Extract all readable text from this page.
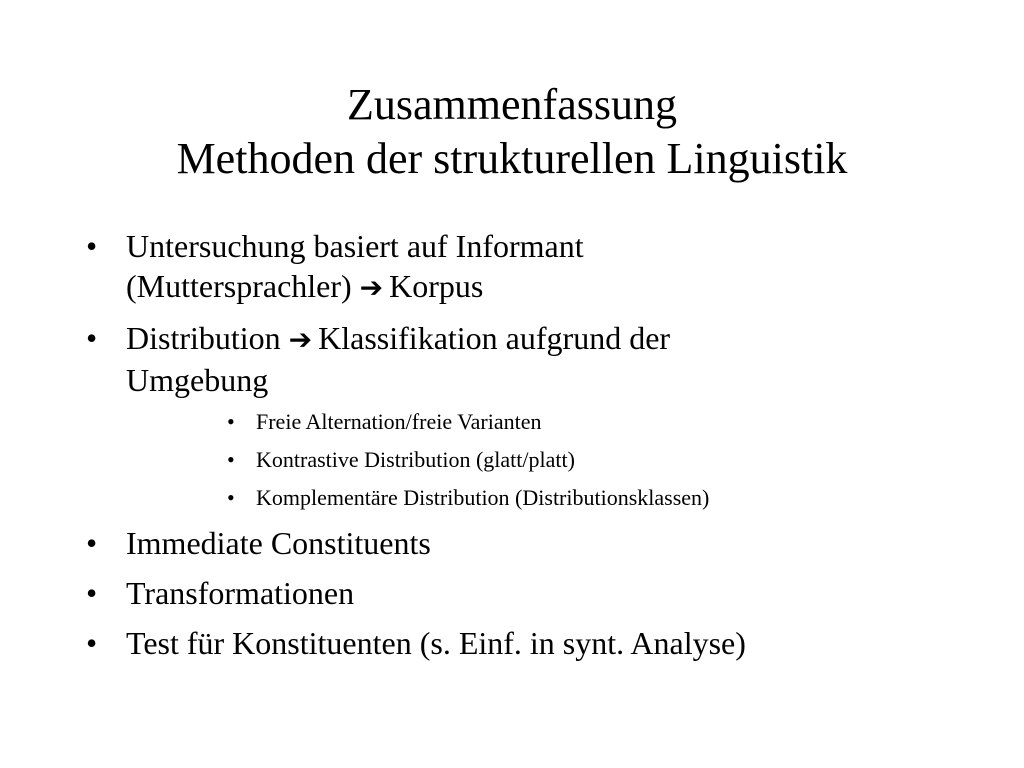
Zusammenfassung
Methoden der strukturellen Linguistik
• Untersuchung basiert auf Informant
(Muttersprachler) ➔ Korpus
• Distribution ➔ Klassifikation aufgrund der
Umgebung
• Freie Alternation/freie Varianten
• Kontrastive Distribution (glatt/platt)
• Komplementäre Distribution (Distributionsklassen)
• Immediate Constituents
• Transformationen
• Test für Konstituenten (s. Einf. in synt. Analyse)
